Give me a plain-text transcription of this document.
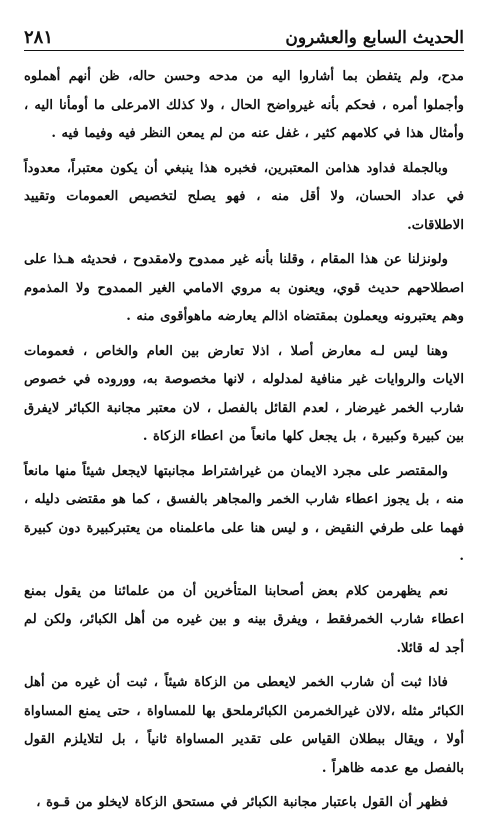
الحديث السابع والعشرون
٢٨١

مدح، ولم يتفطن بما أشاروا اليه من مدحه وحسن حاله، ظن أنهم أهملوه وأجملوا أمره ، فحكم بأنه غيرواضح الحال ، ولا كذلك الامرعلى ما أومأنا اليه ، وأمثال هذا في كلامهم كثير ، غفل عنه من لم يمعن النظر فيه وفيما فيه .

وبالجملة فداود هذامن المعتبرين، فخبره هذا ينبغي أن يكون معتبراً، معدوداً في عداد الحسان، ولا أقل منه ، فهو يصلح لتخصيص العمومات وتقييد الاطلاقات.

ولونزلنا عن هذا المقام ، وقلنا بأنه غير ممدوح ولامقدوح ، فحديثه هـذا على اصطلاحهم حديث قوي، ويعنون به مروي الامامي الغير الممدوح ولا المذموم وهم يعتبرونه ويعملون بمقتضاه اذالم يعارضه ماهوأقوى منه .

وهنا ليس لـه معارض أصلا ، اذلا تعارض بين العام والخاص ، فعمومات الايات والروايات غير منافية لمدلوله ، لانها مخصوصة به، ووروده في خصوص شارب الخمر غيرضار ، لعدم القائل بالفصل ، لان معتبر مجانبة الكبائر لايفرق بين كبيرة وكبيرة ، بل يجعل كلها مانعاً من اعطاء الزكاة .

والمقتصر على مجرد الايمان من غيراشتراط مجانبتها لايجعل شيئاً منها مانعاً منه ، بل يجوز اعطاء شارب الخمر والمجاهر بالفسق ، كما هو مقتضى دليله ، فهما على طرفي النقيض ، و ليس هنا على ماعلمناه من يعتبركبيرة دون كبيرة .

نعم يظهرمن كلام بعض أصحابنا المتأخرين أن من علمائنا من يقول بمنع اعطاء شارب الخمرفقط ، ويفرق بينه و بين غيره من أهل الكبائر، ولكن لم أجد له قائلا.

فاذا ثبت أن شارب الخمر لايعطى من الزكاة شيئاً ، ثبت أن غيره من أهل الكبائر مثله ،لالان غيرالخمرمن الكبائرملحق بها للمساواة ، حتى يمنع المساواة أولا ، ويقال ببطلان القياس على تقدير المساواة ثانياً ، بل لتلايلزم القول بالفصل مع عدمه ظاهراً .

فظهر أن القول باعتبار مجانبة الكبائر في مستحق الزكاة لايخلو من قـوة ،
